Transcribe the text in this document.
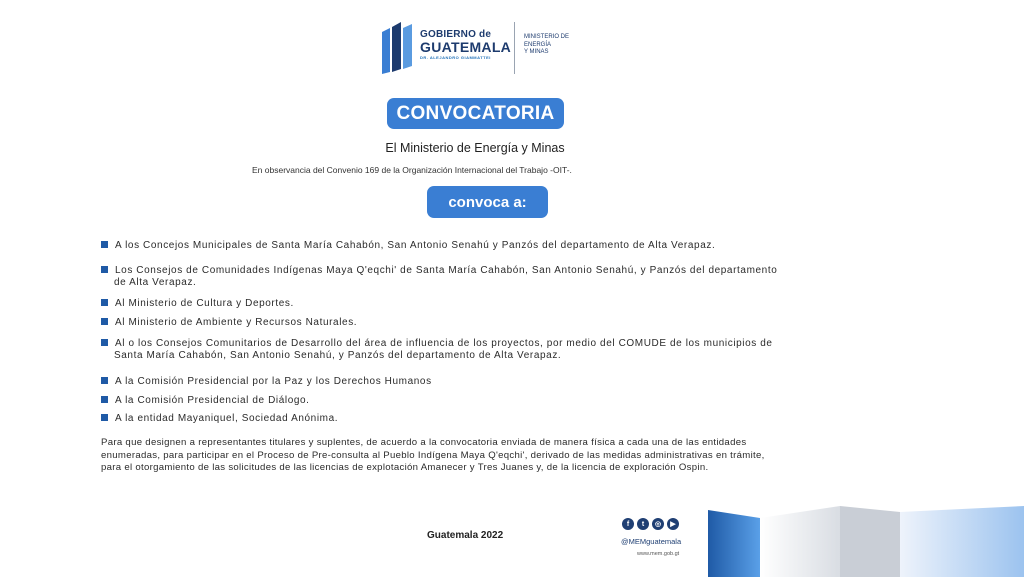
GOBIERNO de
GUATEMALA
DR. ALEJANDRO GIAMMATTEI
MINISTERIO DE
ENERGÍA
Y MINAS
CONVOCATORIA
El Ministerio de Energía y Minas
En observancia del Convenio 169 de la Organización Internacional del Trabajo -OIT-.
convoca a:
A los Concejos Municipales de Santa María Cahabón, San Antonio Senahú y Panzós del departamento de Alta Verapaz.
Los Consejos de Comunidades Indígenas Maya Q'eqchi' de Santa María Cahabón, San Antonio Senahú, y Panzós del departamento
de Alta Verapaz.
Al Ministerio de Cultura y Deportes.
Al Ministerio de Ambiente y Recursos Naturales.
Al o los Consejos Comunitarios de Desarrollo del área de influencia de los proyectos, por medio del COMUDE de los municipios de
Santa María Cahabón, San Antonio Senahú, y Panzós del departamento de Alta Verapaz.
A la Comisión Presidencial por la Paz y los Derechos Humanos
A la Comisión Presidencial de Diálogo.
A la entidad Mayaniquel, Sociedad Anónima.
Para que designen a representantes titulares y suplentes, de acuerdo a la convocatoria enviada de manera física a cada una de las entidades
enumeradas, para participar en el Proceso de Pre-consulta al Pueblo Indígena Maya Q'eqchi', derivado de las medidas administrativas en trámite,
para el otorgamiento de las solicitudes de las licencias de explotación Amanecer y Tres Juanes y, de la licencia de exploración Ospin.
Guatemala 2022
f	t	◎	▶
@MEMguatemala
www.mem.gob.gt
